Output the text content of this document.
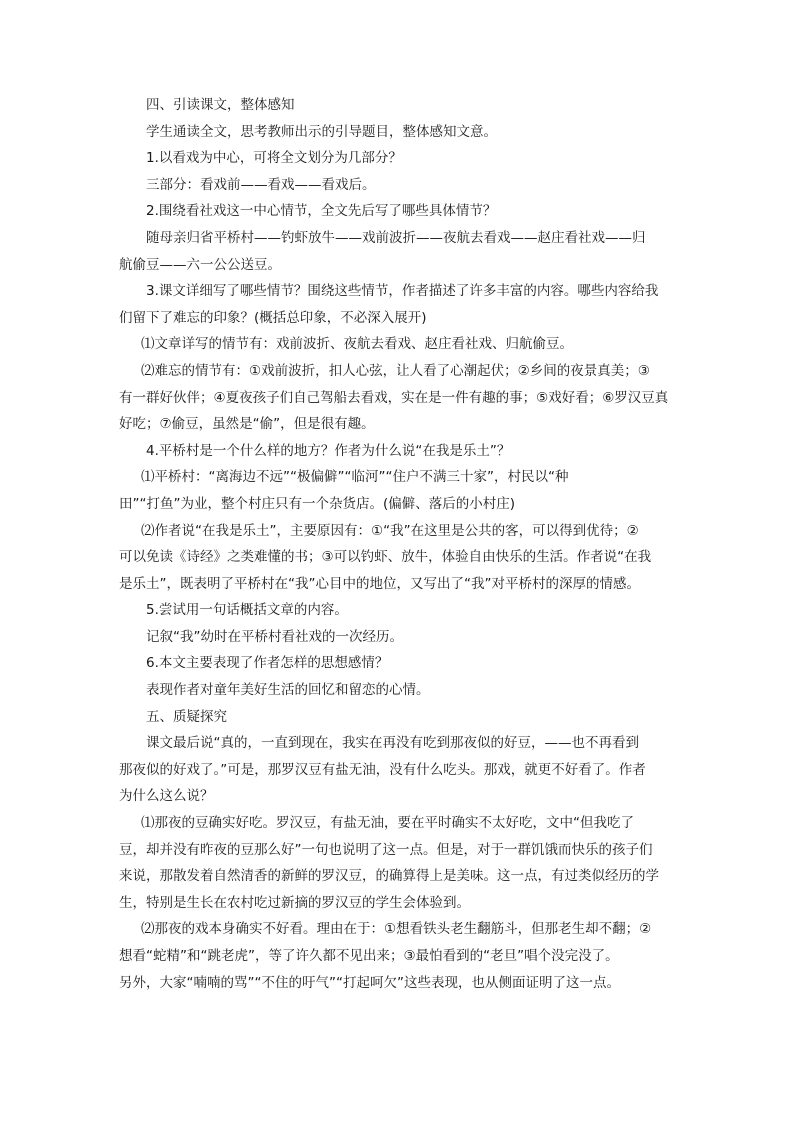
四、引读课文，整体感知
学生通读全文，思考教师出示的引导题目，整体感知文意。
1.以看戏为中心，可将全文划分为几部分？
三部分：看戏前——看戏——看戏后。
2.围绕看社戏这一中心情节，全文先后写了哪些具体情节？
随母亲归省平桥村——钓虾放牛——戏前波折——夜航去看戏——赵庄看社戏——归
航偷豆——六一公公送豆。
3.课文详细写了哪些情节？围绕这些情节，作者描述了许多丰富的内容。哪些内容给我
们留下了难忘的印象？(概括总印象，不必深入展开)
⑴文章详写的情节有：戏前波折、夜航去看戏、赵庄看社戏、归航偷豆。
⑵难忘的情节有：①戏前波折，扣人心弦，让人看了心潮起伏；②乡间的夜景真美；③
有一群好伙伴；④夏夜孩子们自己驾船去看戏，实在是一件有趣的事；⑤戏好看；⑥罗汉豆真
好吃；⑦偷豆，虽然是“偷”，但是很有趣。
4.平桥村是一个什么样的地方？作者为什么说“在我是乐土”？
⑴平桥村：“离海边不远”“极偏僻”“临河”“住户不满三十家”，村民以“种
田”“打鱼”为业，整个村庄只有一个杂货店。(偏僻、落后的小村庄)
⑵作者说“在我是乐土”，主要原因有：①“我”在这里是公共的客，可以得到优待；②
可以免读《诗经》之类难懂的书；③可以钓虾、放牛，体验自由快乐的生活。作者说“在我
是乐土”，既表明了平桥村在“我”心目中的地位，又写出了“我”对平桥村的深厚的情感。
5.尝试用一句话概括文章的内容。
记叙“我”幼时在平桥村看社戏的一次经历。
6.本文主要表现了作者怎样的思想感情？
表现作者对童年美好生活的回忆和留恋的心情。
五、质疑探究
课文最后说“真的，一直到现在，我实在再没有吃到那夜似的好豆，——也不再看到
那夜似的好戏了。”可是，那罗汉豆有盐无油，没有什么吃头。那戏，就更不好看了。作者
为什么这么说？
⑴那夜的豆确实好吃。罗汉豆，有盐无油，要在平时确实不太好吃，文中“但我吃了
豆，却并没有昨夜的豆那么好”一句也说明了这一点。但是，对于一群饥饿而快乐的孩子们
来说，那散发着自然清香的新鲜的罗汉豆，的确算得上是美味。这一点，有过类似经历的学
生，特别是生长在农村吃过新摘的罗汉豆的学生会体验到。
⑵那夜的戏本身确实不好看。理由在于：①想看铁头老生翻筋斗，但那老生却不翻；②
想看“蛇精”和“跳老虎”，等了许久都不见出来；③最怕看到的“老旦”唱个没完没了。
另外，大家“喃喃的骂”“不住的吁气”“打起呵欠”这些表现，也从侧面证明了这一点。
